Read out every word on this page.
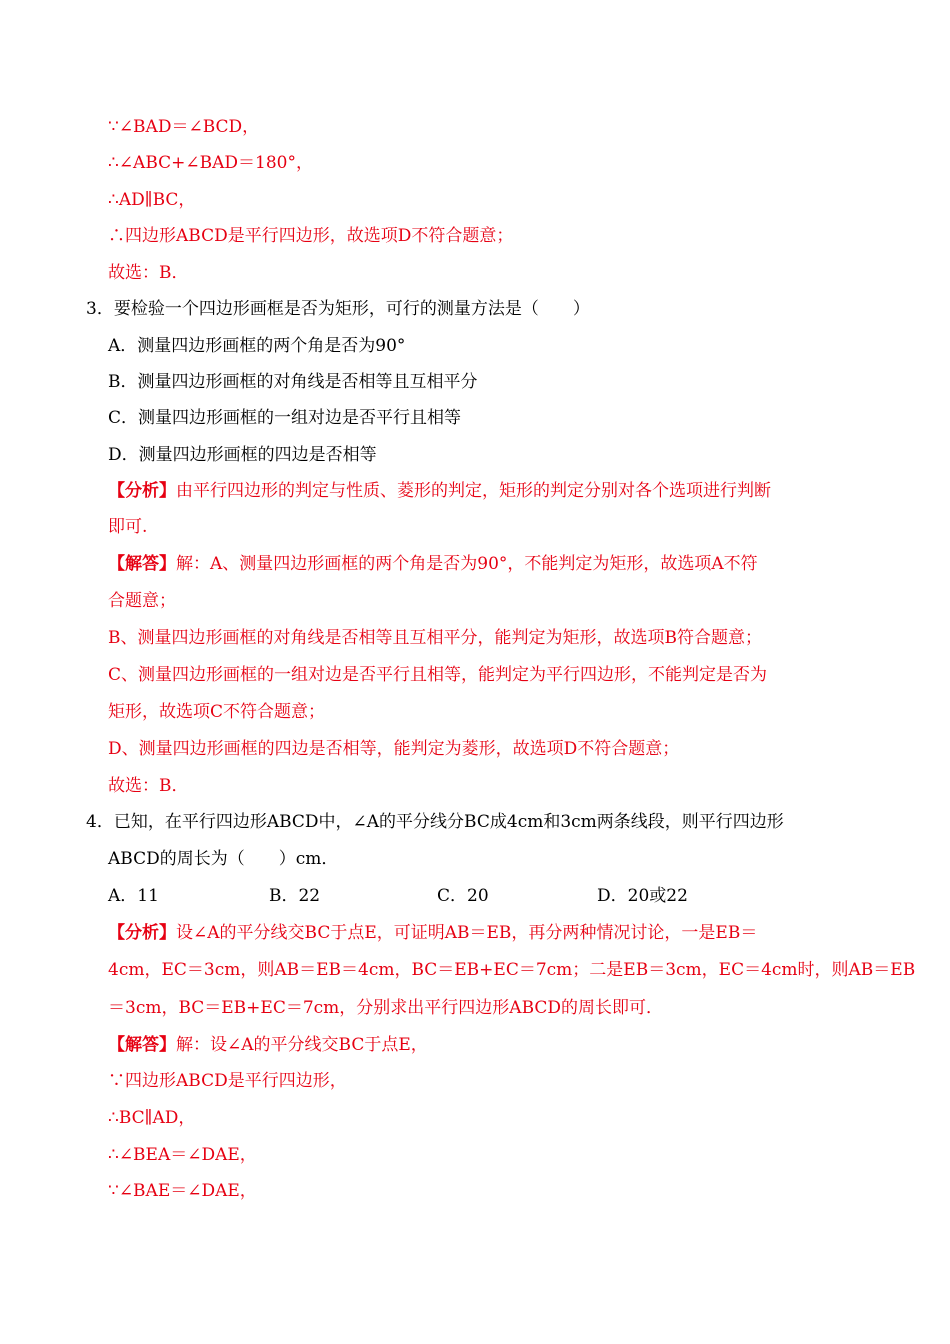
∵∠BAD＝∠BCD，
∴∠ABC+∠BAD＝180°，
∴AD∥BC，
∴四边形ABCD是平行四边形，故选项D不符合题意；
故选：B．
3．要检验一个四边形画框是否为矩形，可行的测量方法是（　　）
A．测量四边形画框的两个角是否为90°
B．测量四边形画框的对角线是否相等且互相平分
C．测量四边形画框的一组对边是否平行且相等
D．测量四边形画框的四边是否相等
【分析】由平行四边形的判定与性质、菱形的判定，矩形的判定分别对各个选项进行判断
即可.
【解答】解：A、测量四边形画框的两个角是否为90°，不能判定为矩形，故选项A不符
合题意；
B、测量四边形画框的对角线是否相等且互相平分，能判定为矩形，故选项B符合题意；
C、测量四边形画框的一组对边是否平行且相等，能判定为平行四边形，不能判定是否为
矩形，故选项C不符合题意；
D、测量四边形画框的四边是否相等，能判定为菱形，故选项D不符合题意；
故选：B．
4．已知，在平行四边形ABCD中，∠A的平分线分BC成4cm和3cm两条线段，则平行四边形
ABCD的周长为（　　）cm．
A．11	B．22	C．20	D．20或22
【分析】设∠A的平分线交BC于点E，可证明AB＝EB，再分两种情况讨论，一是EB＝
4cm，EC＝3cm，则AB＝EB＝4cm，BC＝EB+EC＝7cm；二是EB＝3cm，EC＝4cm时，则AB＝EB
＝3cm，BC＝EB+EC＝7cm，分别求出平行四边形ABCD的周长即可．
【解答】解：设∠A的平分线交BC于点E，
∵四边形ABCD是平行四边形，
∴BC∥AD，
∴∠BEA＝∠DAE，
∵∠BAE＝∠DAE，
